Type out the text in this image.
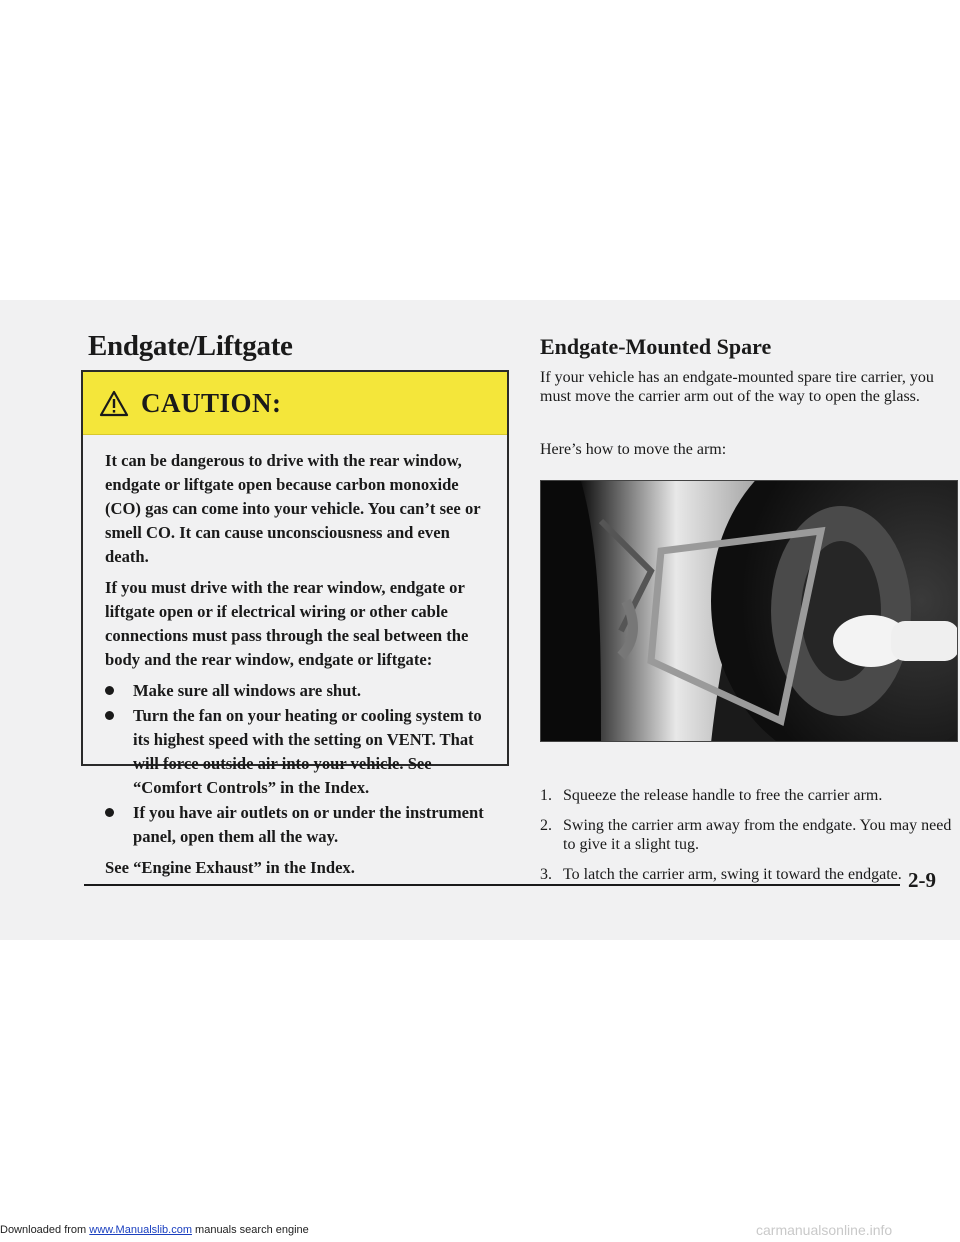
Endgate/Liftgate
CAUTION:

It can be dangerous to drive with the rear window, endgate or liftgate open because carbon monoxide (CO) gas can come into your vehicle. You can’t see or smell CO. It can cause unconsciousness and even death.

If you must drive with the rear window, endgate or liftgate open or if electrical wiring or other cable connections must pass through the seal between the body and the rear window, endgate or liftgate:

Make sure all windows are shut.
Turn the fan on your heating or cooling system to its highest speed with the setting on VENT. That will force outside air into your vehicle. See “Comfort Controls” in the Index.
If you have air outlets on or under the instrument panel, open them all the way.

See “Engine Exhaust” in the Index.

Endgate-Mounted Spare
If your vehicle has an endgate-mounted spare tire carrier, you must move the carrier arm out of the way to open the glass.
Here’s how to move the arm:
1. Squeeze the release handle to free the carrier arm.
2. Swing the carrier arm away from the endgate. You may need to give it a slight tug.
3. To latch the carrier arm, swing it toward the endgate. 2-9
Downloaded from www.Manualslib.com manuals search engine	carmanualsonline.info
